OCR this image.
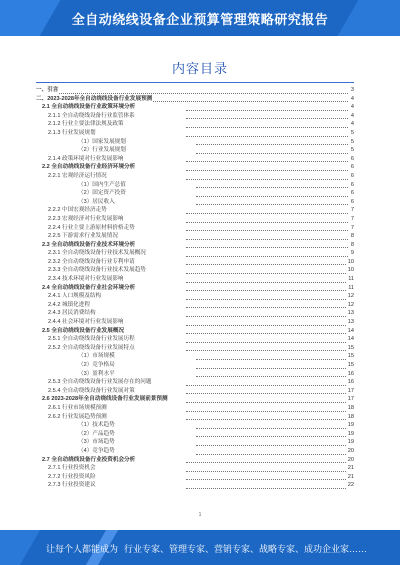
全自动绕线设备企业预算管理策略研究报告
内容目录
一、引言	3
二、2023-2028年全自动绕线设备行业发展预测	4
2.1 全自动绕线设备行业政策环境分析	4
2.1.1 全自动绕线设备行业监管体系	4
2.1.2 行业主要法律法规及政策	4
2.1.3 行业发展规划	5
（1）国家发展规划	5
（2）行业发展规划	5
2.1.4 政策环境对行业发展影响	6
2.2 全自动绕线设备行业经济环境分析	6
2.2.1 宏观经济运行情况	6
（1）国内生产总值	6
（2）固定资产投资	6
（3）居民收入	6
2.2.2 中国宏观经济走势	7
2.2.3 宏观经济对行业发展影响	7
2.2.4 行业主要上游原材料价格走势	7
2.2.5 下游需求行业发展情况	8
2.3 全自动绕线设备行业技术环境分析	8
2.3.1 全自动绕线设备行业技术发展概况	9
2.3.2 全自动绕线设备行业专利申请	10
2.3.3 全自动绕线设备行业技术发展趋势	10
2.3.4 技术环境对行业发展影响	11
2.4 全自动绕线设备行业社会环境分析	11
2.4.1 人口规模及结构	12
2.4.2 城镇化进程	12
2.4.3 居民消费结构	13
2.4.4 社会环境对行业发展影响	13
2.5 全自动绕线设备行业发展概况	14
2.5.1 全自动绕线设备行业发展历程	14
2.5.2 全自动绕线设备行业发展特点	15
（1）市场规模	15
（2）竞争格局	15
（3）盈利水平	16
2.5.3 全自动绕线设备行业发展存在的问题	16
2.5.4 全自动绕线设备行业发展对策	17
2.6 2023-2028年全自动绕线设备行业发展前景预测	17
2.6.1 行业市场规模预测	18
2.6.2 行业发展趋势预测	18
（1）技术趋势	19
（2）产品趋势	19
（3）市场趋势	19
（4）竞争趋势	20
2.7 全自动绕线设备行业投资机会分析	20
2.7.1 行业投资机会	21
2.7.2 行业投资风险	21
2.7.3 行业投资建议	22
1
让每个人都能成为 行业专家、管理专家、营销专家、战略专家、成功企业家……
